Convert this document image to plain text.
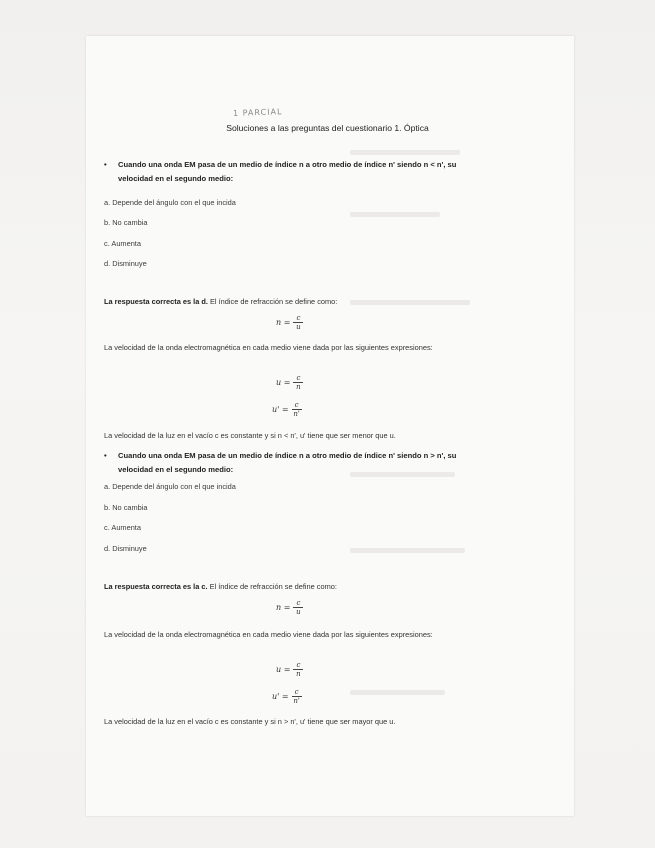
1 PARCIAL
Soluciones a las preguntas del cuestionario 1. Óptica
• Cuando una onda EM pasa de un medio de índice n a otro medio de índice n' siendo n < n', su velocidad en el segundo medio:
a. Depende del ángulo con el que incida
b. No cambia
c. Aumenta
d. Disminuye
La respuesta correcta es la d. El índice de refracción se define como:
n
= $\frac{c}{u}$
La velocidad de la onda electromagnética en cada medio viene dada por las siguientes expresiones:
u
= $\frac{c}{n}$
u'
= $\frac{c}{n'}$
La velocidad de la luz en el vacío c es constante y si n < n', u' tiene que ser menor que u.
• Cuando una onda EM pasa de un medio de índice n a otro medio de índice n' siendo n > n', su velocidad en el segundo medio:
a. Depende del ángulo con el que incida
b. No cambia
c. Aumenta
d. Disminuye
La respuesta correcta es la c. El índice de refracción se define como:
n
= $\frac{c}{u}$
La velocidad de la onda electromagnética en cada medio viene dada por las siguientes expresiones:
u
= $\frac{c}{n}$
u'
= $\frac{c}{n'}$
La velocidad de la luz en el vacío c es constante y si n > n', u' tiene que ser mayor que u.
